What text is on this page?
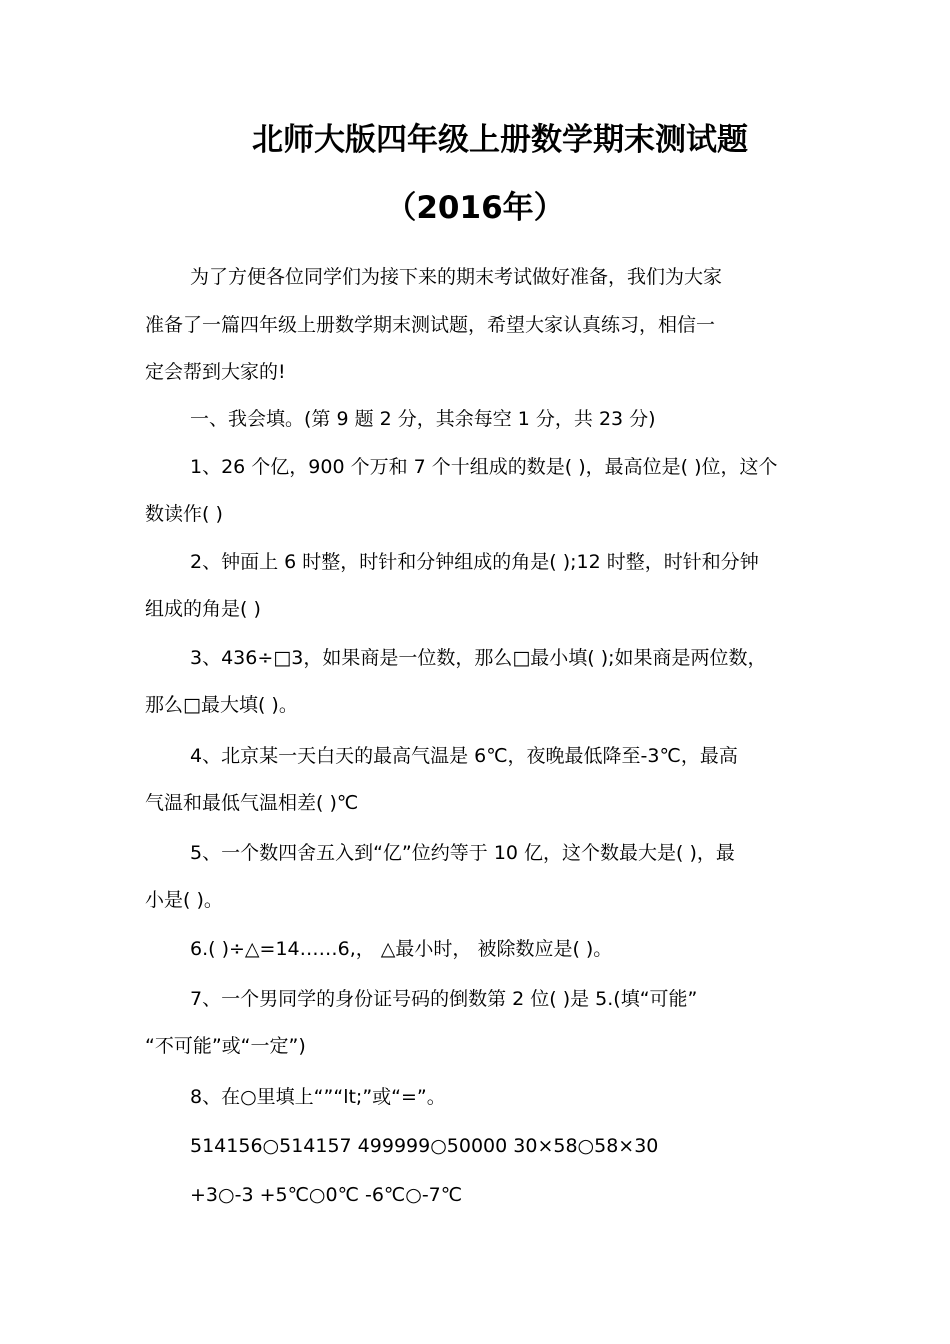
北师大版四年级上册数学期末测试题
（2016年）
为了方便各位同学们为接下来的期末考试做好准备，我们为大家
准备了一篇四年级上册数学期末测试题，希望大家认真练习，相信一
定会帮到大家的!
一、我会填。(第 9 题 2 分，其余每空 1 分，共 23 分)
1、26 个亿，900 个万和 7 个十组成的数是( )，最高位是( )位，这个
数读作( )
2、钟面上 6 时整，时针和分钟组成的角是( );12 时整，时针和分钟
组成的角是( )
3、436÷□3，如果商是一位数，那么□最小填( );如果商是两位数，
那么□最大填( )。
4、北京某一天白天的最高气温是 6℃，夜晚最低降至-3℃，最高
气温和最低气温相差( )℃
5、一个数四舍五入到“亿”位约等于 10 亿，这个数最大是( )，最
小是( )。
6.( )÷△=14……6,， △最小时， 被除数应是( )。
7、一个男同学的身份证号码的倒数第 2 位( )是 5.(填“可能”
“不可能”或“一定”)
8、在○里填上“”“lt;”或“=”。
514156○514157 499999○50000 30×58○58×30
+3○-3 +5℃○0℃ -6℃○-7℃
